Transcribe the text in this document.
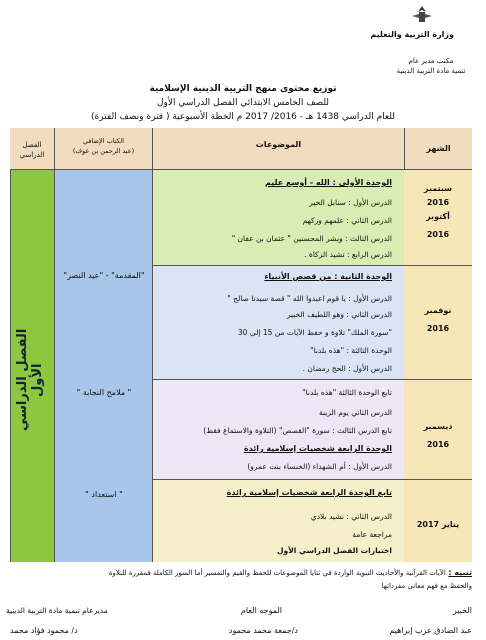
وزارة التربية والتعليم
مكتب مدير عام
تنمية مادة التربية الدينية
توزيع محتوى منهج التربية الدينية الإسلامية
للصف الخامس الابتدائي الفصل الدراسي الأول
للعام الدراسي 1438 هـ - 2016/ 2017 م الخطة الأسبوعية ( فترة ونصف الفترة)
الشهر
الموضوعات
الكتاب الإضافي
(عبد الرحمن بن عوف)
الفصل الدراسي
الفصل الدراسي الأول
"المقدمة" - "عيد النصر"
" ملامح النجابة "
" استعداد "
سبتمبر
2016
أكتوبر
2016
نوفمبر
2016
ديسمبر
2016
يناير 2017
الوحدة الأولى : الله - أوسع عليم
الدرس الأول : سنابل الخير
الدرس الثاني : علمهم وزكهم
الدرس الثالث : وبشر المحسنين " عثمان بن عفان "
الدرس الرابع : تشيد الزكاة .
الوحدة الثانية : من قصص الأنبياء
الدرس الأول : يا قوم اعبدوا الله " قصة سيدنا صالح "
الدرس الثاني : وهو اللطيف الخبير
"سورة الملك" تلاوة و حفظ الآيات من 15 إلى 30
الوحدة الثالثة : "هذه بلدنا"
الدرس الأول : الحج رمضان .
تابع الوحدة الثالثة "هذه بلدنا"
الدرس الثاني يوم الزينة
تابع الدرس الثالث : سورة "القصص" (التلاوة والاستماع فقط)
الوحدة الرابعة شخصيات إسلامية رائدة
الدرس الأول : أم الشهداء (الخنساء بنت عمرو)
تابع الوحدة الرابعة شخصيات إسلامية رائدة
الدرس الثاني : نشيد بلادي
مراجعة عامة
اختبارات الفصل الدراسي الأول
تنبيه : الآيات القرآنية والأحاديث النبوية الواردة في ثنايا الموضوعات للحفظ والقيم والتفسير أما السور الكاملة فمقررة للتلاوة
والحفظ مع فهم معاني مفرداتها
الخبير
الموجه العام
مديرعام تنمية مادة التربية الدينية
عبد الصادق عزب إبراهيم
د/جمعة محمد محمود
د/ محمود فؤاد محمد
